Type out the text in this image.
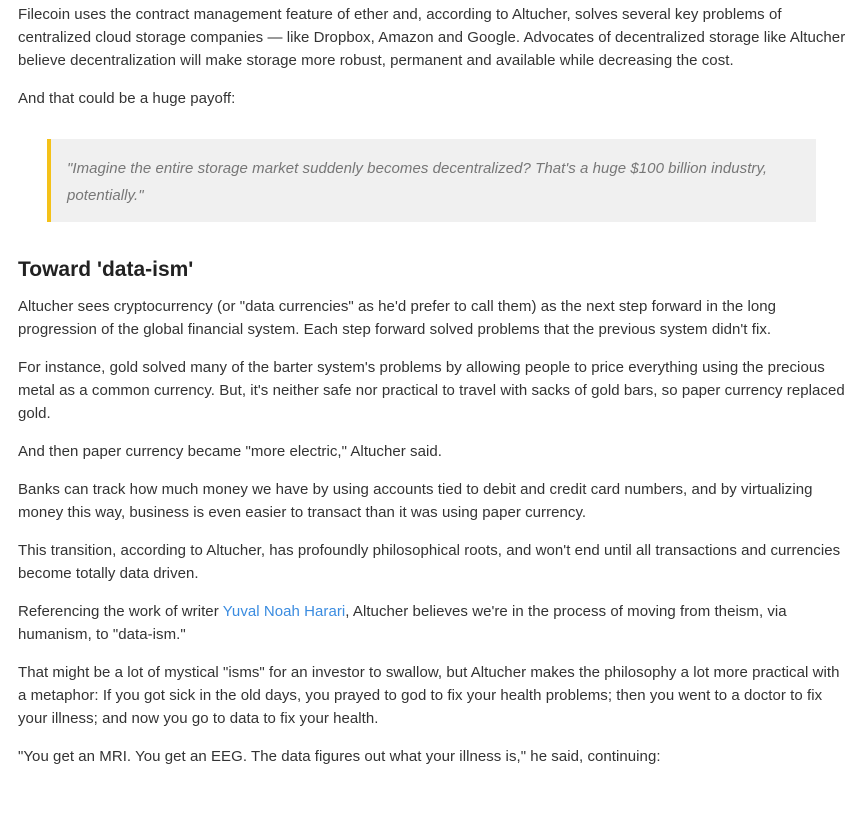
Filecoin uses the contract management feature of ether and, according to Altucher, solves several key problems of centralized cloud storage companies — like Dropbox, Amazon and Google. Advocates of decentralized storage like Altucher believe decentralization will make storage more robust, permanent and available while decreasing the cost.

And that could be a huge payoff:

"Imagine the entire storage market suddenly becomes decentralized? That's a huge $100 billion industry, potentially."

Toward 'data-ism'

Altucher sees cryptocurrency (or "data currencies" as he'd prefer to call them) as the next step forward in the long progression of the global financial system. Each step forward solved problems that the previous system didn't fix.

For instance, gold solved many of the barter system's problems by allowing people to price everything using the precious metal as a common currency. But, it's neither safe nor practical to travel with sacks of gold bars, so paper currency replaced gold.

And then paper currency became "more electric," Altucher said.

Banks can track how much money we have by using accounts tied to debit and credit card numbers, and by virtualizing money this way, business is even easier to transact than it was using paper currency.

This transition, according to Altucher, has profoundly philosophical roots, and won't end until all transactions and currencies become totally data driven.

Referencing the work of writer Yuval Noah Harari, Altucher believes we're in the process of moving from theism, via humanism, to "data-ism."

That might be a lot of mystical "isms" for an investor to swallow, but Altucher makes the philosophy a lot more practical with a metaphor: If you got sick in the old days, you prayed to god to fix your health problems; then you went to a doctor to fix your illness; and now you go to data to fix your health.

"You get an MRI. You get an EEG. The data figures out what your illness is," he said, continuing:
